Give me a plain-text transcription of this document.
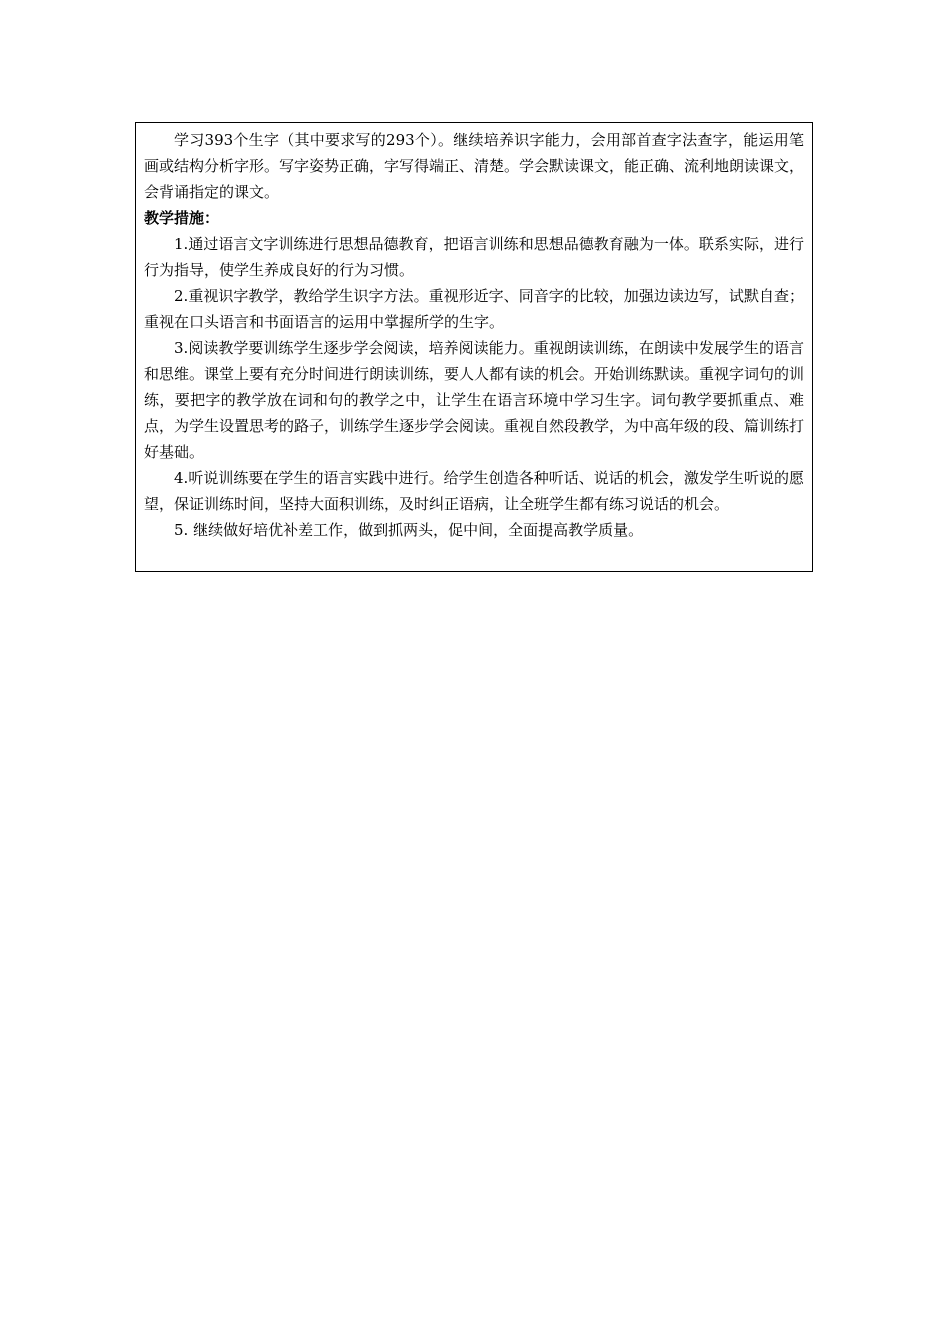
学习393个生字（其中要求写的293个）。继续培养识字能力，会用部首查字法查字，能运用笔画或结构分析字形。写字姿势正确，字写得端正、清楚。学会默读课文，能正确、流利地朗读课文，会背诵指定的课文。

教学措施：

1.通过语言文字训练进行思想品德教育，把语言训练和思想品德教育融为一体。联系实际，进行行为指导，使学生养成良好的行为习惯。

2.重视识字教学，教给学生识字方法。重视形近字、同音字的比较，加强边读边写，试默自查；重视在口头语言和书面语言的运用中掌握所学的生字。

3.阅读教学要训练学生逐步学会阅读，培养阅读能力。重视朗读训练，在朗读中发展学生的语言和思维。课堂上要有充分时间进行朗读训练，要人人都有读的机会。开始训练默读。重视字词句的训练，要把字的教学放在词和句的教学之中，让学生在语言环境中学习生字。词句教学要抓重点、难点，为学生设置思考的路子，训练学生逐步学会阅读。重视自然段教学，为中高年级的段、篇训练打好基础。

4.听说训练要在学生的语言实践中进行。给学生创造各种听话、说话的机会，激发学生听说的愿望，保证训练时间，坚持大面积训练，及时纠正语病，让全班学生都有练习说话的机会。

5. 继续做好培优补差工作，做到抓两头，促中间，全面提高教学质量。
